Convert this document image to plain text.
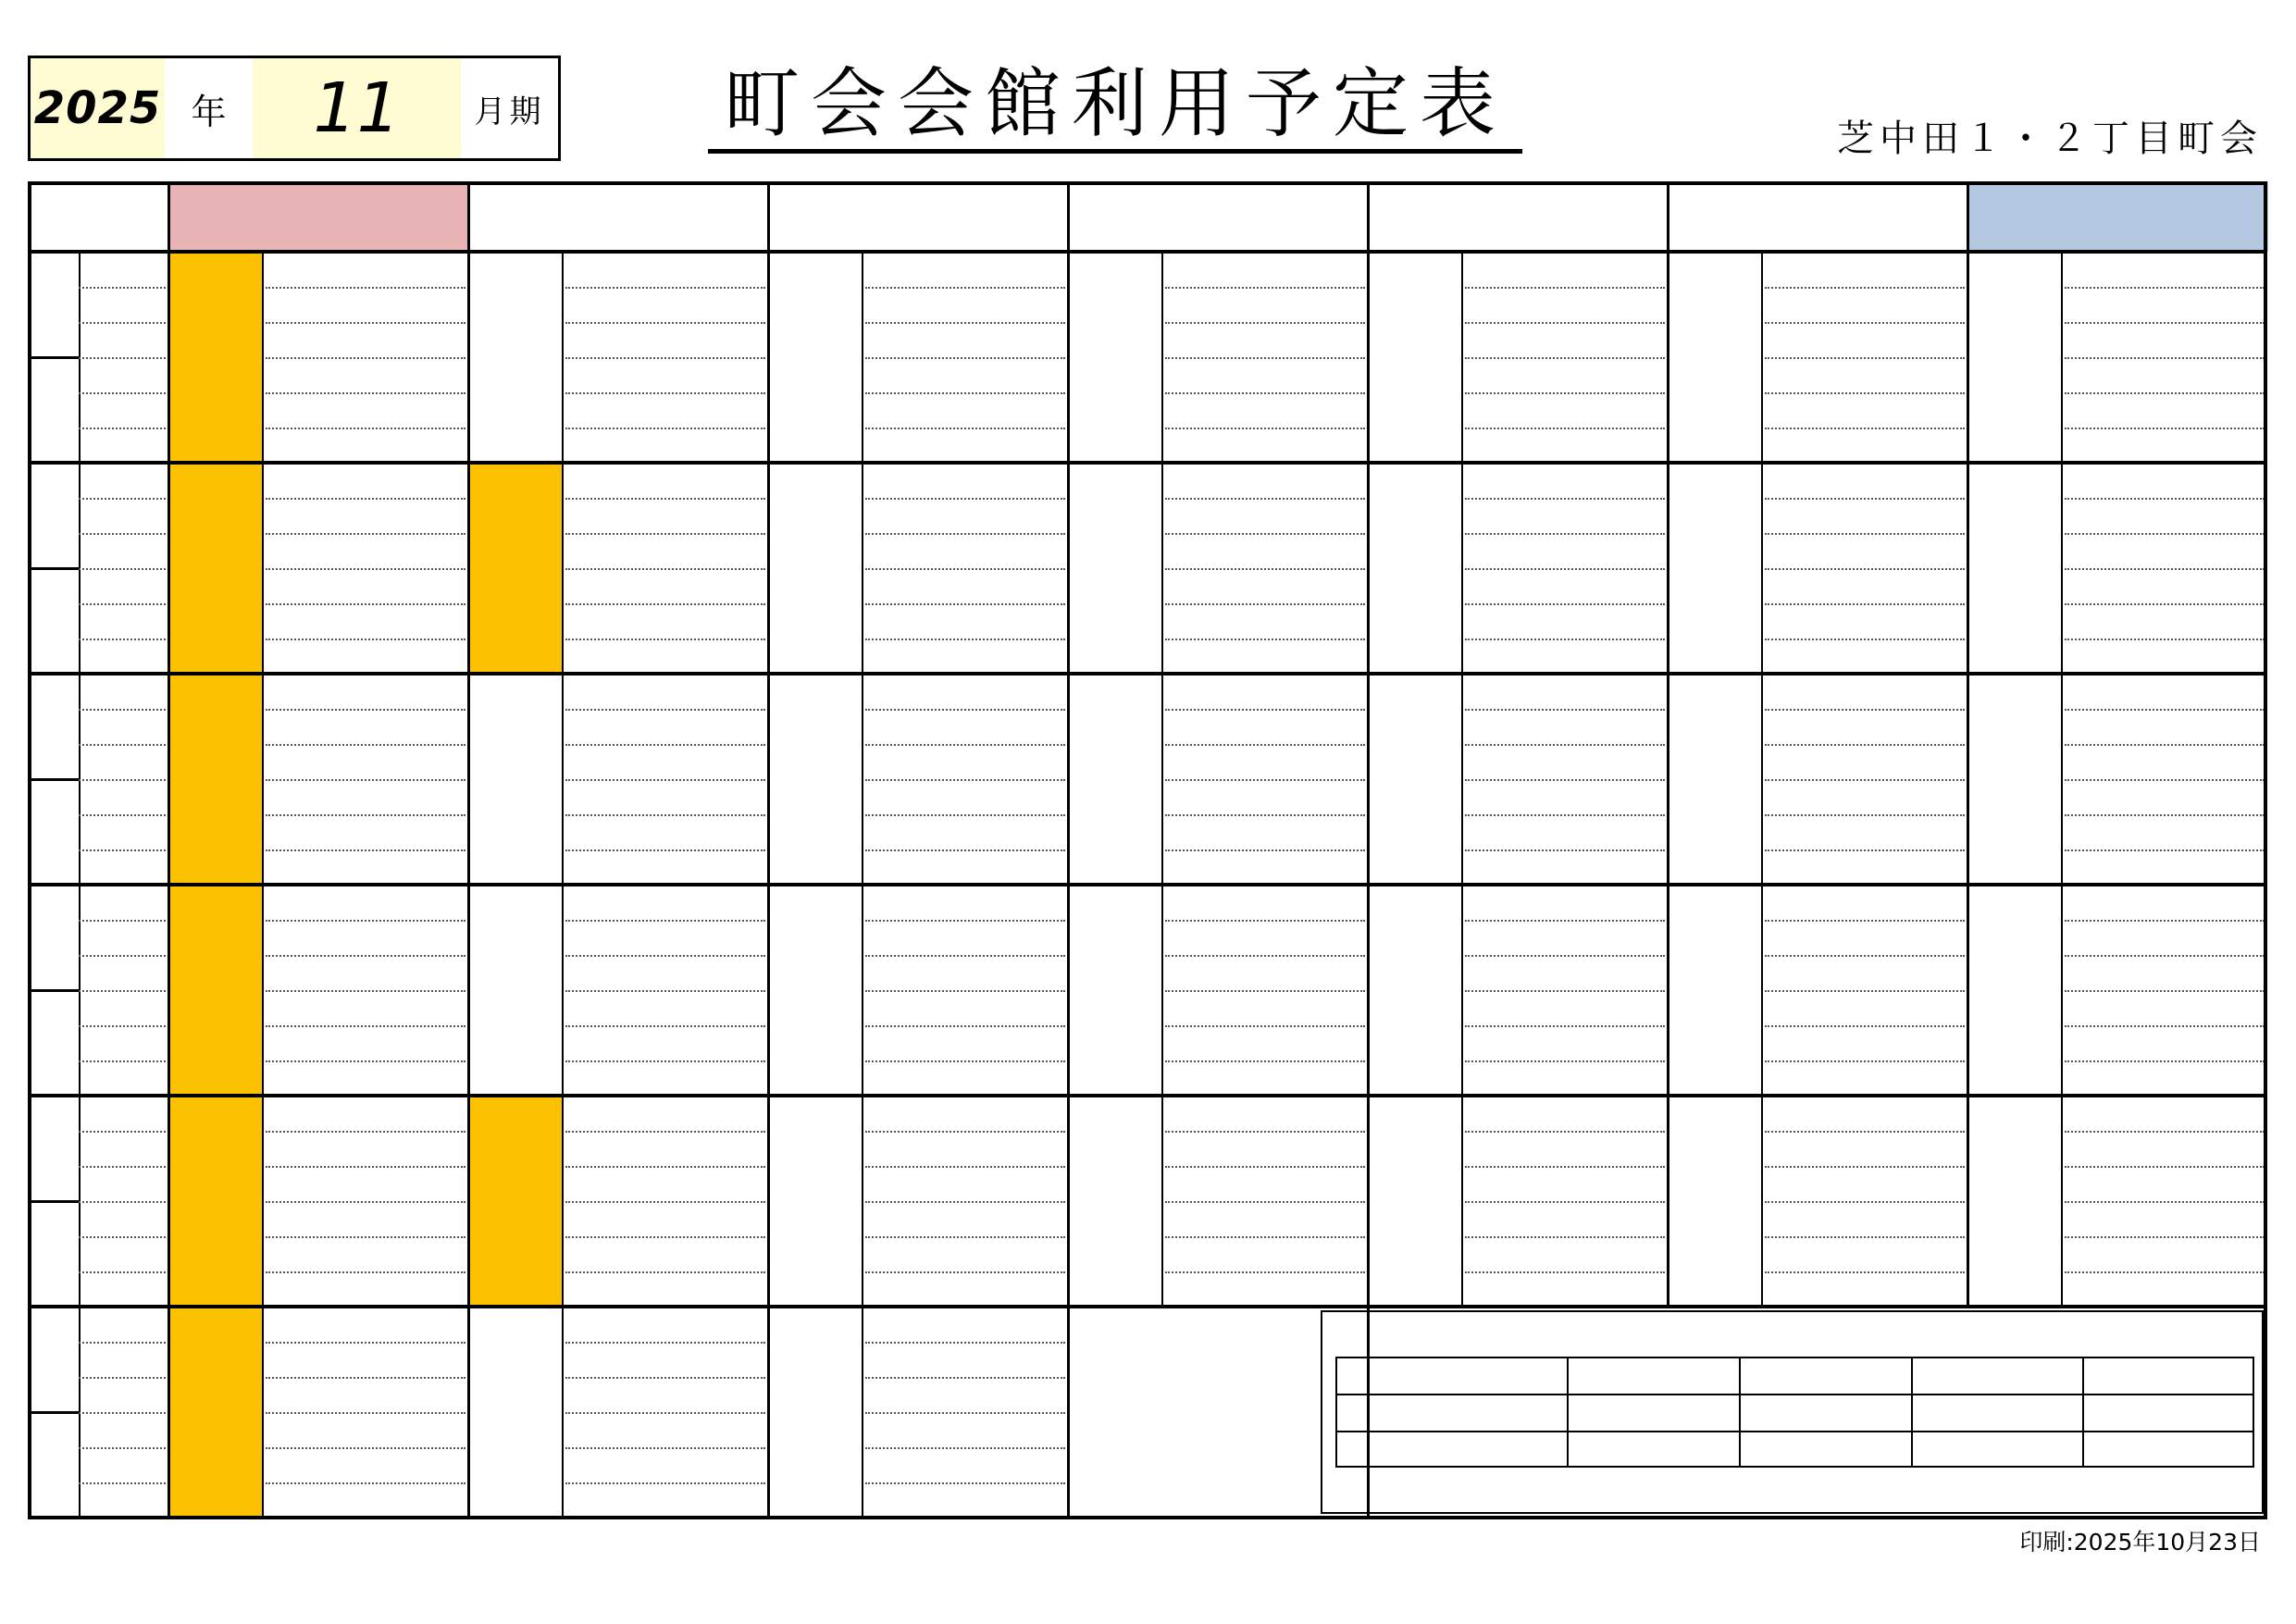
2025 年	11	月期 町会会館利用予定表	芝中田１・２丁目町会
印刷:2025年10月23日
